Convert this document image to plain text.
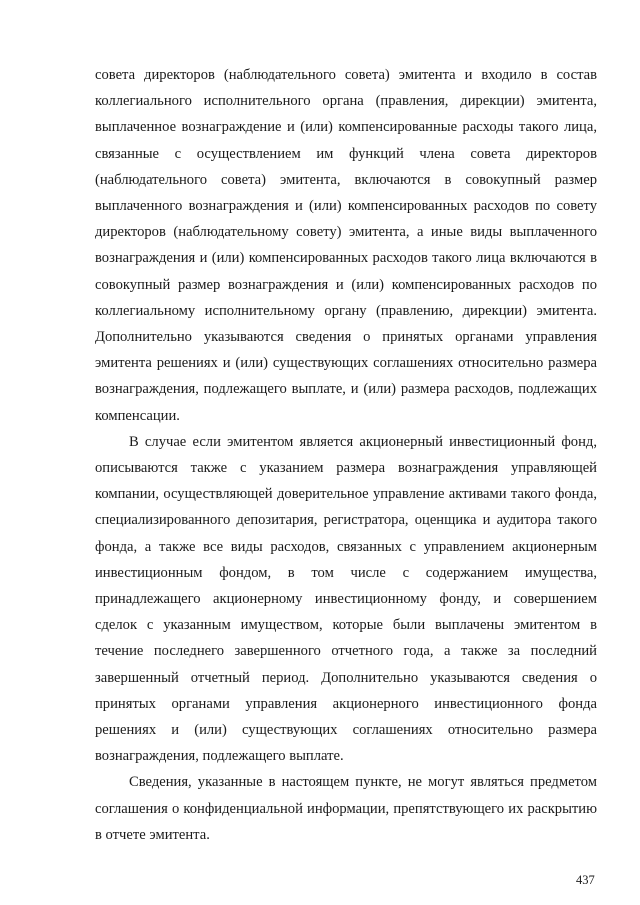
совета директоров (наблюдательного совета) эмитента и входило в состав коллегиального исполнительного органа (правления, дирекции) эмитента, выплаченное вознаграждение и (или) компенсированные расходы такого лица, связанные с осуществлением им функций члена совета директоров (наблюдательного совета) эмитента, включаются в совокупный размер выплаченного вознаграждения и (или) компенсированных расходов по совету директоров (наблюдательному совету) эмитента, а иные виды выплаченного вознаграждения и (или) компенсированных расходов такого лица включаются в совокупный размер вознаграждения и (или) компенсированных расходов по коллегиальному исполнительному органу (правлению, дирекции) эмитента. Дополнительно указываются сведения о принятых органами управления эмитента решениях и (или) существующих соглашениях относительно размера вознаграждения, подлежащего выплате, и (или) размера расходов, подлежащих компенсации.

В случае если эмитентом является акционерный инвестиционный фонд, описываются также с указанием размера вознаграждения управляющей компании, осуществляющей доверительное управление активами такого фонда, специализированного депозитария, регистратора, оценщика и аудитора такого фонда, а также все виды расходов, связанных с управлением акционерным инвестиционным фондом, в том числе с содержанием имущества, принадлежащего акционерному инвестиционному фонду, и совершением сделок с указанным имуществом, которые были выплачены эмитентом в течение последнего завершенного отчетного года, а также за последний завершенный отчетный период. Дополнительно указываются сведения о принятых органами управления акционерного инвестиционного фонда решениях и (или) существующих соглашениях относительно размера вознаграждения, подлежащего выплате.

Сведения, указанные в настоящем пункте, не могут являться предметом соглашения о конфиденциальной информации, препятствующего их раскрытию в отчете эмитента.

437
